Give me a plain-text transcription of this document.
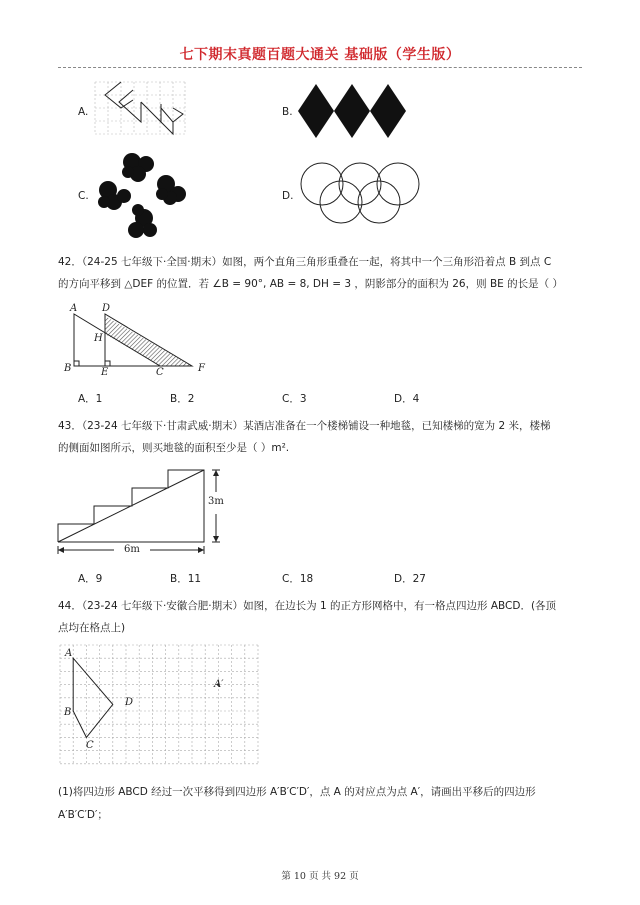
七下期末真题百题大通关 基础版（学生版）
A.	B.
C.	D.
42．（24-25 七年级下·全国·期末）如图，两个直角三角形重叠在一起，将其中一个三角形沿着点 B 到点 C
的方向平移到 △DEF 的位置．若 ∠B = 90°, AB = 8, DH = 3 ，阴影部分的面积为 26，则 BE 的长是（ ）
A D
H
B	E	C	F
A．1	B．2	C．3	D．4
43．（23-24 七年级下·甘肃武威·期末）某酒店准备在一个楼梯铺设一种地毯，已知楼梯的宽为 2 米，楼梯
的侧面如图所示，则买地毯的面积至少是（ ）m².
3m
6m
A．9	B．11	C．18	D．27
44．（23-24 七年级下·安徽合肥·期末）如图，在边长为 1 的正方形网格中，有一格点四边形 ABCD．(各顶
点均在格点上)
A
B
C
D
A′
(1)将四边形 ABCD 经过一次平移得到四边形 A′B′C′D′，点 A 的对应点为点 A′，请画出平移后的四边形
A′B′C′D′；
第 10 页 共 92 页
